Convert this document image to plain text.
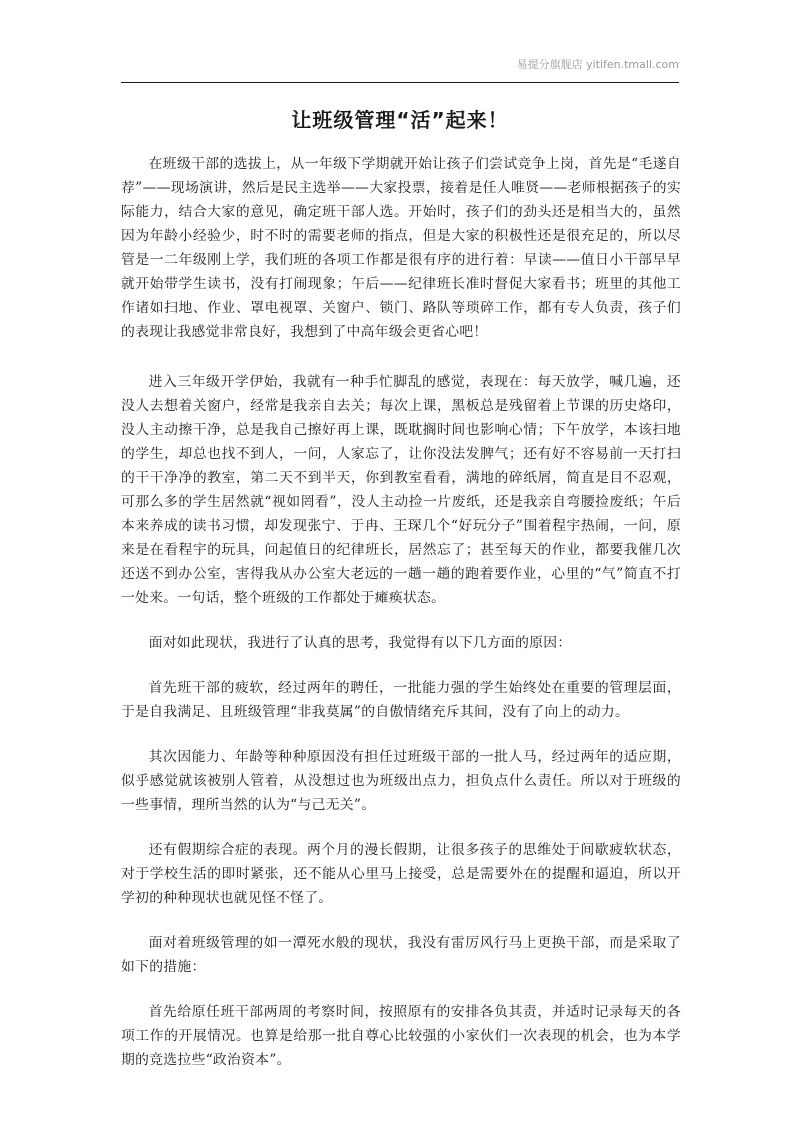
易提分旗舰店 yitifen.tmall.com
让班级管理“活”起来！

在班级干部的选拔上，从一年级下学期就开始让孩子们尝试竞争上岗，首先是“毛遂自荐”——现场演讲，然后是民主选举——大家投票，接着是任人唯贤——老师根据孩子的实际能力，结合大家的意见，确定班干部人选。开始时，孩子们的劲头还是相当大的，虽然因为年龄小经验少，时不时的需要老师的指点，但是大家的积极性还是很充足的，所以尽管是一二年级刚上学，我们班的各项工作都是很有序的进行着：早读——值日小干部早早就开始带学生读书，没有打闹现象；午后——纪律班长准时督促大家看书；班里的其他工作诸如扫地、作业、罩电视罩、关窗户、锁门、路队等琐碎工作，都有专人负责，孩子们的表现让我感觉非常良好，我想到了中高年级会更省心吧！

进入三年级开学伊始，我就有一种手忙脚乱的感觉，表现在：每天放学，喊几遍，还没人去想着关窗户，经常是我亲自去关；每次上课，黑板总是残留着上节课的历史烙印，没人主动擦干净，总是我自己擦好再上课，既耽搁时间也影响心情；下午放学，本该扫地的学生，却总也找不到人，一问，人家忘了，让你没法发脾气；还有好不容易前一天打扫的干干净净的教室，第二天不到半天，你到教室看看，满地的碎纸屑，简直是目不忍观，可那么多的学生居然就“视如罔看”，没人主动捡一片废纸，还是我亲自弯腰捡废纸；午后本来养成的读书习惯，却发现张宁、于冉、王琛几个“好玩分子”围着程宇热闹，一问，原来是在看程宇的玩具，问起值日的纪律班长，居然忘了；甚至每天的作业，都要我催几次还送不到办公室，害得我从办公室大老远的一趟一趟的跑着要作业，心里的“气”简直不打一处来。一句话，整个班级的工作都处于瘫痪状态。

面对如此现状，我进行了认真的思考，我觉得有以下几方面的原因：

首先班干部的疲软，经过两年的聘任，一批能力强的学生始终处在重要的管理层面，于是自我满足、且班级管理“非我莫属”的自傲情绪充斥其间，没有了向上的动力。

其次因能力、年龄等种种原因没有担任过班级干部的一批人马，经过两年的适应期，似乎感觉就该被别人管着，从没想过也为班级出点力，担负点什么责任。所以对于班级的一些事情，理所当然的认为“与己无关”。

还有假期综合症的表现。两个月的漫长假期，让很多孩子的思维处于间歇疲软状态，对于学校生活的即时紧张，还不能从心里马上接受，总是需要外在的提醒和逼迫，所以开学初的种种现状也就见怪不怪了。

面对着班级管理的如一潭死水般的现状，我没有雷厉风行马上更换干部，而是采取了如下的措施：

首先给原任班干部两周的考察时间，按照原有的安排各负其责，并适时记录每天的各项工作的开展情况。也算是给那一批自尊心比较强的小家伙们一次表现的机会，也为本学期的竞选拉些“政治资本”。
